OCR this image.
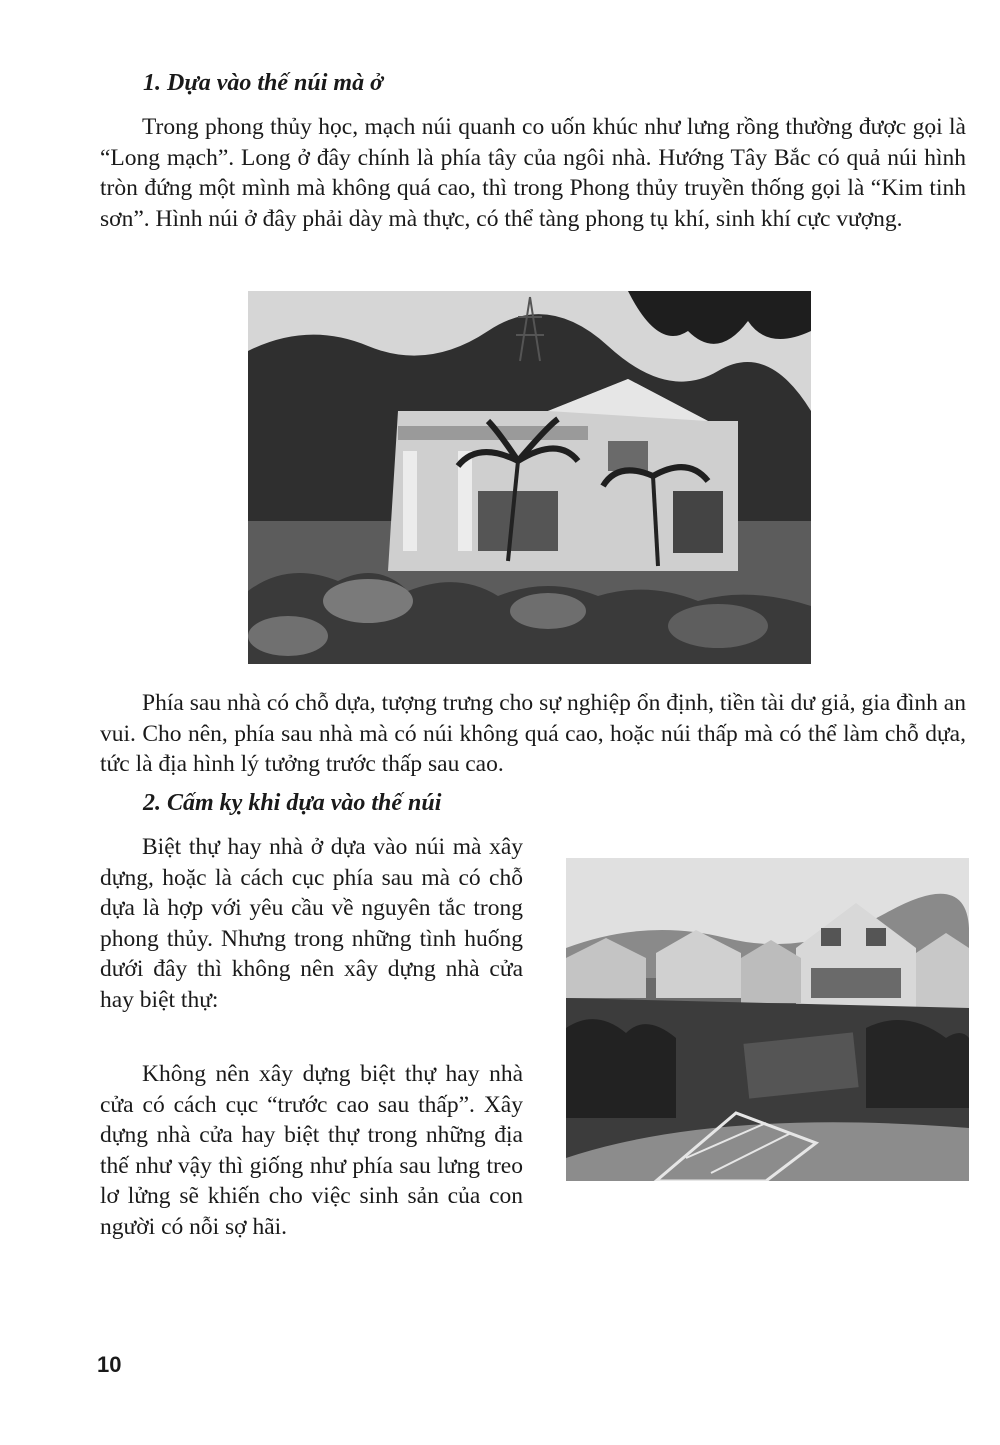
1. Dựa vào thế núi mà ở

Trong phong thủy học, mạch núi quanh co uốn khúc như lưng rồng thường được gọi là “Long mạch”. Long ở đây chính là phía tây của ngôi nhà. Hướng Tây Bắc có quả núi hình tròn đứng một mình mà không quá cao, thì trong Phong thủy truyền thống gọi là “Kim tinh sơn”. Hình núi ở đây phải dày mà thực, có thể tàng phong tụ khí, sinh khí cực vượng.

Phía sau nhà có chỗ dựa, tượng trưng cho sự nghiệp ổn định, tiền tài dư giả, gia đình an vui. Cho nên, phía sau nhà mà có núi không quá cao, hoặc núi thấp mà có thể làm chỗ dựa, tức là địa hình lý tưởng trước thấp sau cao.

2. Cấm kỵ khi dựa vào thế núi

Biệt thự hay nhà ở dựa vào núi mà xây dựng, hoặc là cách cục phía sau mà có chỗ dựa là hợp với yêu cầu về nguyên tắc trong phong thủy. Nhưng trong những tình huống dưới đây thì không nên xây dựng nhà cửa hay biệt thự:

Không nên xây dựng biệt thự hay nhà cửa có cách cục “trước cao sau thấp”. Xây dựng nhà cửa hay biệt thự trong những địa thế như vậy thì giống như phía sau lưng treo lơ lửng sẽ khiến cho việc sinh sản của con người có nỗi sợ hãi.

10
